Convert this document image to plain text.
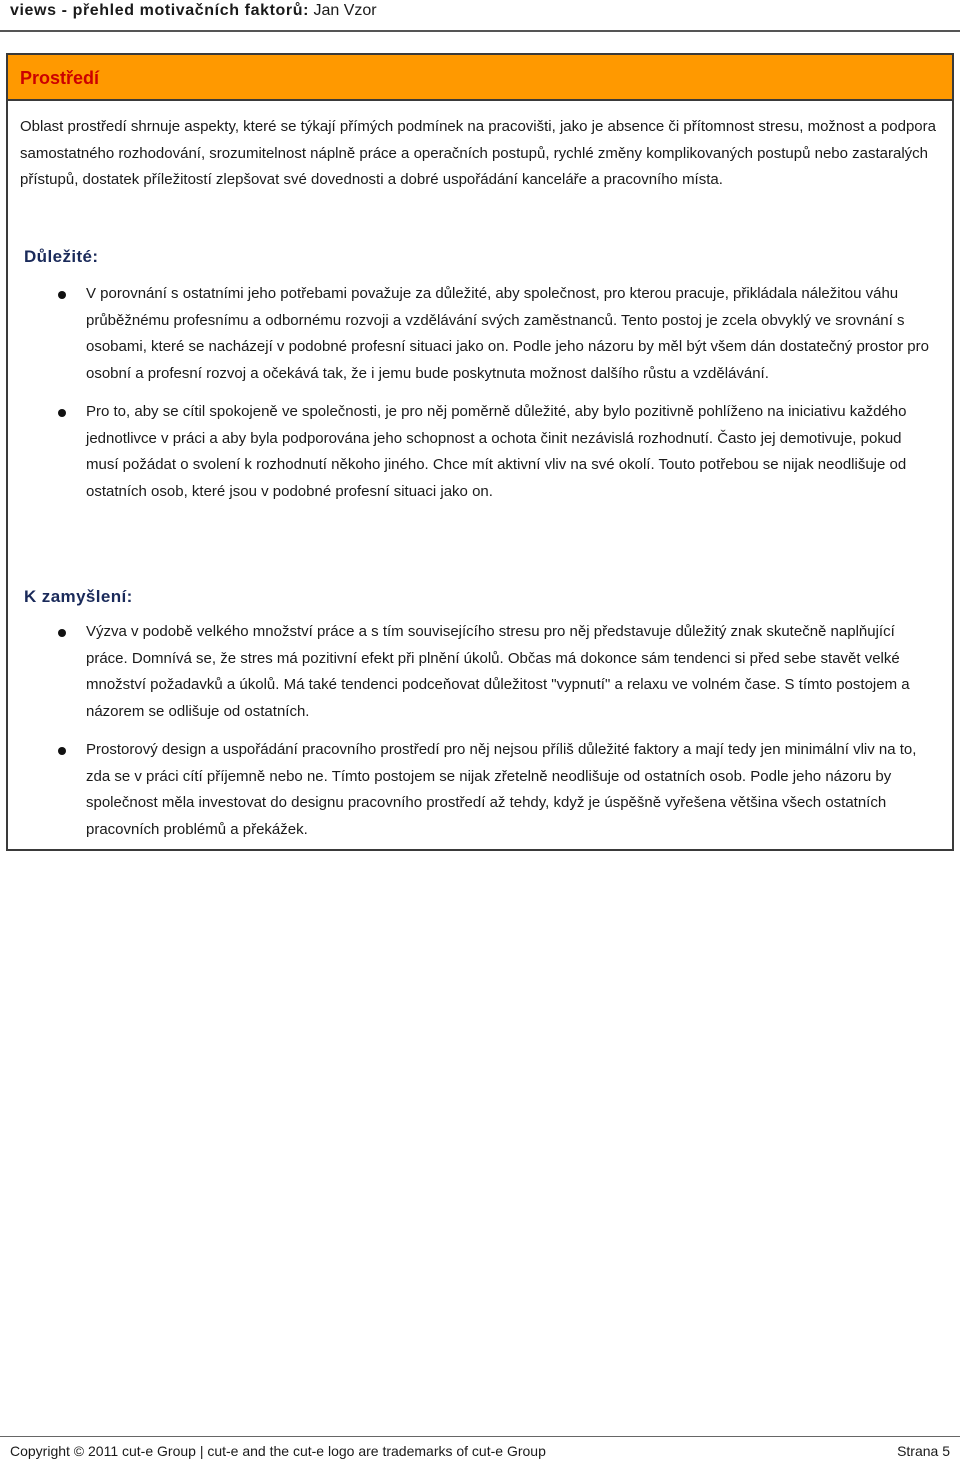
views - přehled motivačních faktorů: Jan Vzor
Prostředí

Oblast prostředí shrnuje aspekty, které se týkají přímých podmínek na pracovišti, jako je absence či přítomnost stresu, možnost a podpora samostatného rozhodování, srozumitelnost náplně práce a operačních postupů, rychlé změny komplikovaných postupů nebo zastaralých přístupů, dostatek příležitostí zlepšovat své dovednosti a dobré uspořádání kanceláře a pracovního místa.

Důležité:
V porovnání s ostatními jeho potřebami považuje za důležité, aby společnost, pro kterou pracuje, přikládala náležitou váhu průběžnému profesnímu a odbornému rozvoji a vzdělávání svých zaměstnanců. Tento postoj je zcela obvyklý ve srovnání s osobami, které se nacházejí v podobné profesní situaci jako on. Podle jeho názoru by měl být všem dán dostatečný prostor pro osobní a profesní rozvoj a očekává tak, že i jemu bude poskytnuta možnost dalšího růstu a vzdělávání.
Pro to, aby se cítil spokojeně ve společnosti, je pro něj poměrně důležité, aby bylo pozitivně pohlíženo na iniciativu každého jednotlivce v práci a aby byla podporována jeho schopnost a ochota činit nezávislá rozhodnutí. Často jej demotivuje, pokud musí požádat o svolení k rozhodnutí někoho jiného. Chce mít aktivní vliv na své okolí. Touto potřebou se nijak neodlišuje od ostatních osob, které jsou v podobné profesní situaci jako on.
K zamyšlení:
Výzva v podobě velkého množství práce a s tím souvisejícího stresu pro něj představuje důležitý znak skutečně naplňující práce. Domnívá se, že stres má pozitivní efekt při plnění úkolů. Občas má dokonce sám tendenci si před sebe stavět velké množství požadavků a úkolů. Má také tendenci podceňovat důležitost "vypnutí" a relaxu ve volném čase. S tímto postojem a názorem se odlišuje od ostatních.
Prostorový design a uspořádání pracovního prostředí pro něj nejsou příliš důležité faktory a mají tedy jen minimální vliv na to, zda se v práci cítí příjemně nebo ne. Tímto postojem se nijak zřetelně neodlišuje od ostatních osob. Podle jeho názoru by společnost měla investovat do designu pracovního prostředí až tehdy, když je úspěšně vyřešena většina všech ostatních pracovních problémů a překážek.
Copyright © 2011 cut-e Group | cut-e and the cut-e logo are trademarks of cut-e Group	Strana 5
